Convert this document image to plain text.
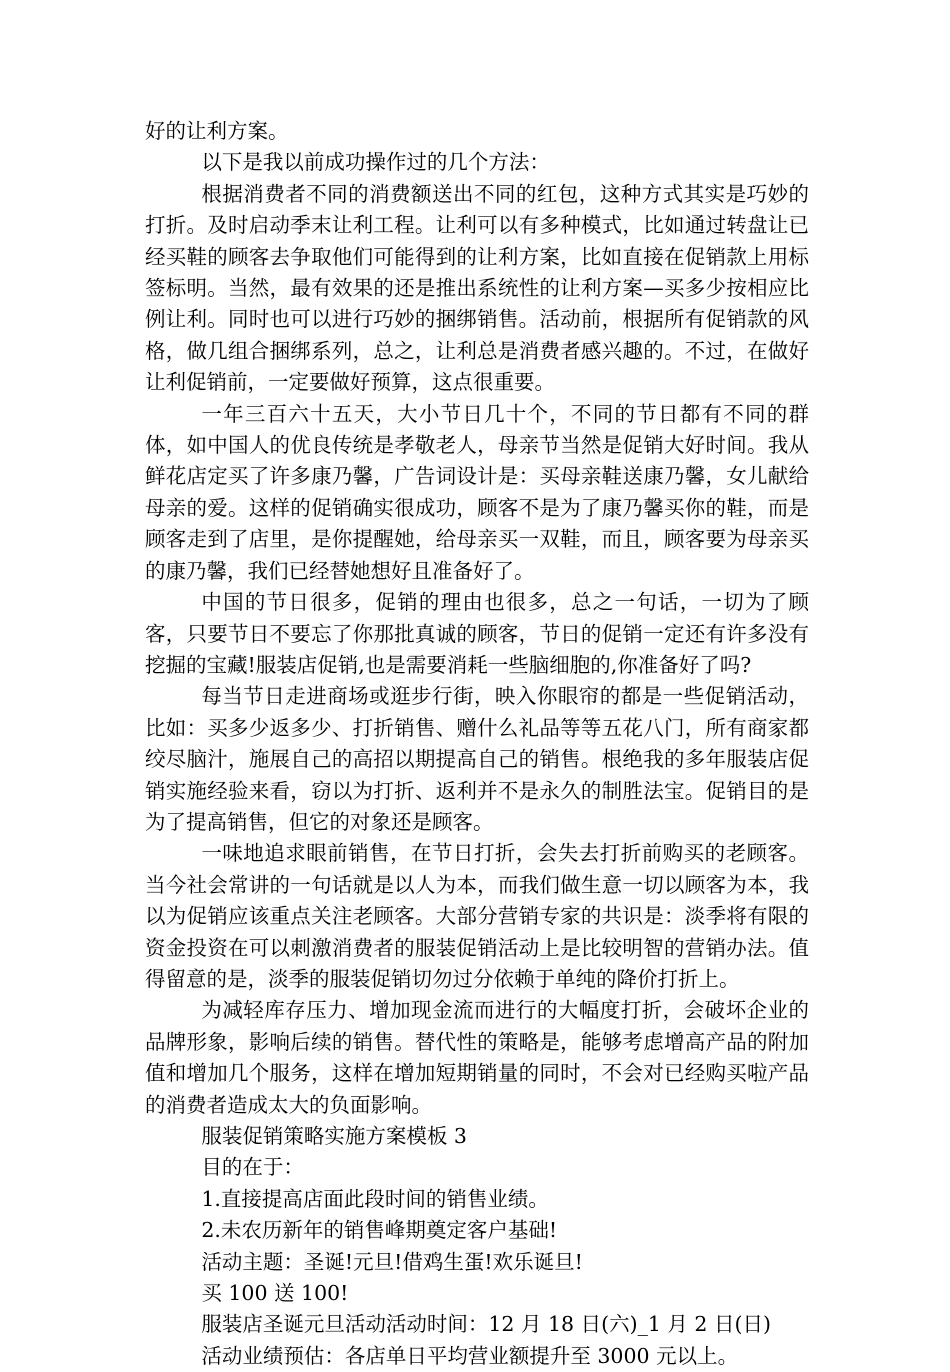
好的让利方案。

以下是我以前成功操作过的几个方法：

根据消费者不同的消费额送出不同的红包，这种方式其实是巧妙的打折。及时启动季末让利工程。让利可以有多种模式，比如通过转盘让已经买鞋的顾客去争取他们可能得到的让利方案，比如直接在促销款上用标签标明。当然，最有效果的还是推出系统性的让利方案—买多少按相应比例让利。同时也可以进行巧妙的捆绑销售。活动前，根据所有促销款的风格，做几组合捆绑系列，总之，让利总是消费者感兴趣的。不过，在做好让利促销前，一定要做好预算，这点很重要。

一年三百六十五天，大小节日几十个，不同的节日都有不同的群体，如中国人的优良传统是孝敬老人，母亲节当然是促销大好时间。我从鲜花店定买了许多康乃馨，广告词设计是：买母亲鞋送康乃馨，女儿献给母亲的爱。这样的促销确实很成功，顾客不是为了康乃馨买你的鞋，而是顾客走到了店里，是你提醒她，给母亲买一双鞋，而且，顾客要为母亲买的康乃馨，我们已经替她想好且准备好了。

中国的节日很多，促销的理由也很多，总之一句话，一切为了顾客，只要节日不要忘了你那批真诚的顾客，节日的促销一定还有许多没有挖掘的宝藏!服装店促销,也是需要消耗一些脑细胞的,你准备好了吗?

每当节日走进商场或逛步行街，映入你眼帘的都是一些促销活动，比如：买多少返多少、打折销售、赠什么礼品等等五花八门，所有商家都绞尽脑汁，施展自己的高招以期提高自己的销售。根绝我的多年服装店促销实施经验来看，窃以为打折、返利并不是永久的制胜法宝。促销目的是为了提高销售，但它的对象还是顾客。

一味地追求眼前销售，在节日打折，会失去打折前购买的老顾客。当今社会常讲的一句话就是以人为本，而我们做生意一切以顾客为本，我以为促销应该重点关注老顾客。大部分营销专家的共识是：淡季将有限的资金投资在可以刺激消费者的服装促销活动上是比较明智的营销办法。值得留意的是，淡季的服装促销切勿过分依赖于单纯的降价打折上。

为减轻库存压力、增加现金流而进行的大幅度打折，会破坏企业的品牌形象，影响后续的销售。替代性的策略是，能够考虑增高产品的附加值和增加几个服务，这样在增加短期销量的同时，不会对已经购买啦产品的消费者造成太大的负面影响。

服装促销策略实施方案模板 3

目的在于：

1.直接提高店面此段时间的销售业绩。

2.未农历新年的销售峰期奠定客户基础!

活动主题：圣诞!元旦!借鸡生蛋!欢乐诞旦!

买 100 送 100!

服装店圣诞元旦活动活动时间：12 月 18 日(六)_1 月 2 日(日)

活动业绩预估：各店单日平均营业额提升至 3000 元以上。
